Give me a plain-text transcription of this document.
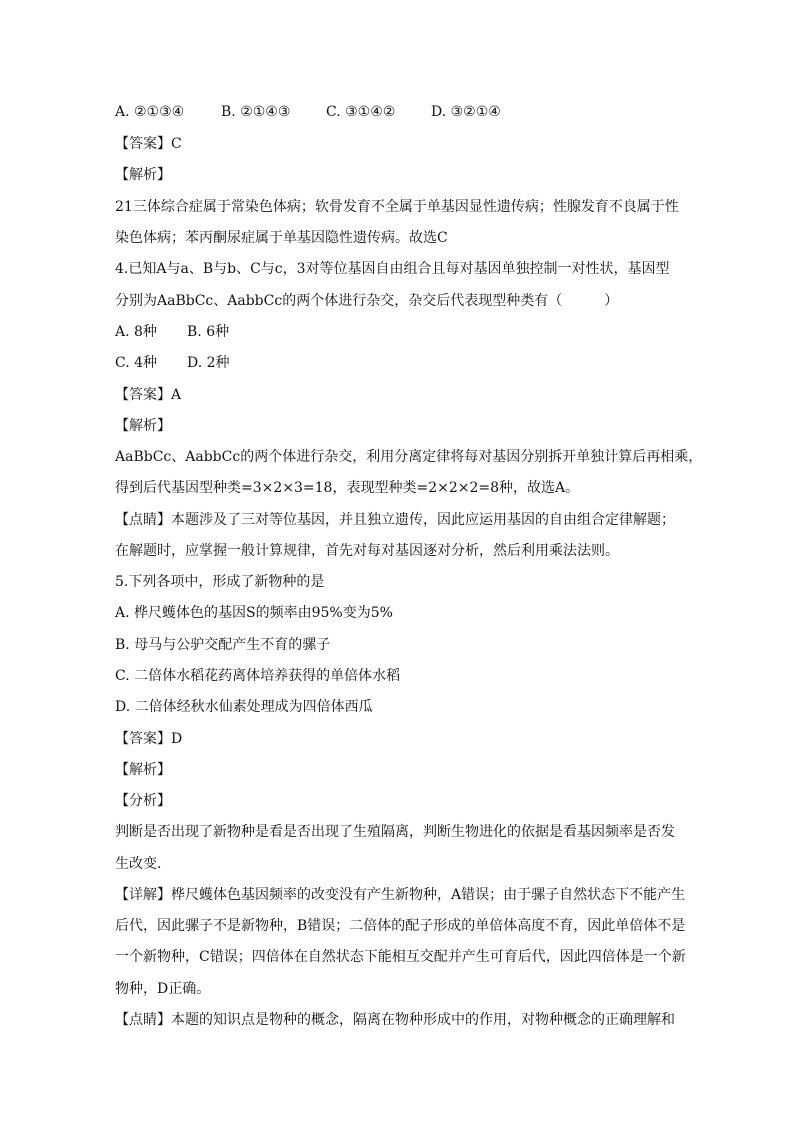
A. ②①③④	B. ②①④③	C. ③①④②	D. ③②①④
【答案】C
【解析】
21三体综合症属于常染色体病；软骨发育不全属于单基因显性遗传病；性腺发育不良属于性
染色体病；苯丙酮尿症属于单基因隐性遗传病。故选C
4.已知A与a、B与b、C与c，3对等位基因自由组合且每对基因单独控制一对性状，基因型
分别为AaBbCc、AabbCc的两个体进行杂交，杂交后代表现型种类有（　　　）
A. 8种	B. 6种
C. 4种	D. 2种
【答案】A
【解析】
AaBbCc、AabbCc的两个体进行杂交，利用分离定律将每对基因分别拆开单独计算后再相乘，
得到后代基因型种类=3×2×3=18，表现型种类=2×2×2=8种，故选A。
【点睛】本题涉及了三对等位基因，并且独立遗传，因此应运用基因的自由组合定律解题；
在解题时，应掌握一般计算规律，首先对每对基因逐对分析，然后利用乘法法则。
5.下列各项中，形成了新物种的是
A. 桦尺蠖体色的基因S的频率由95%变为5%
B. 母马与公驴交配产生不育的骡子
C. 二倍体水稻花药离体培养获得的单倍体水稻
D. 二倍体经秋水仙素处理成为四倍体西瓜
【答案】D
【解析】
【分析】
判断是否出现了新物种是看是否出现了生殖隔离，判断生物进化的依据是看基因频率是否发
生改变.
【详解】桦尺蠖体色基因频率的改变没有产生新物种，A错误；由于骡子自然状态下不能产生
后代，因此骡子不是新物种，B错误；二倍体的配子形成的单倍体高度不育，因此单倍体不是
一个新物种，C错误；四倍体在自然状态下能相互交配并产生可育后代，因此四倍体是一个新
物种，D正确。
【点睛】本题的知识点是物种的概念，隔离在物种形成中的作用，对物种概念的正确理解和
